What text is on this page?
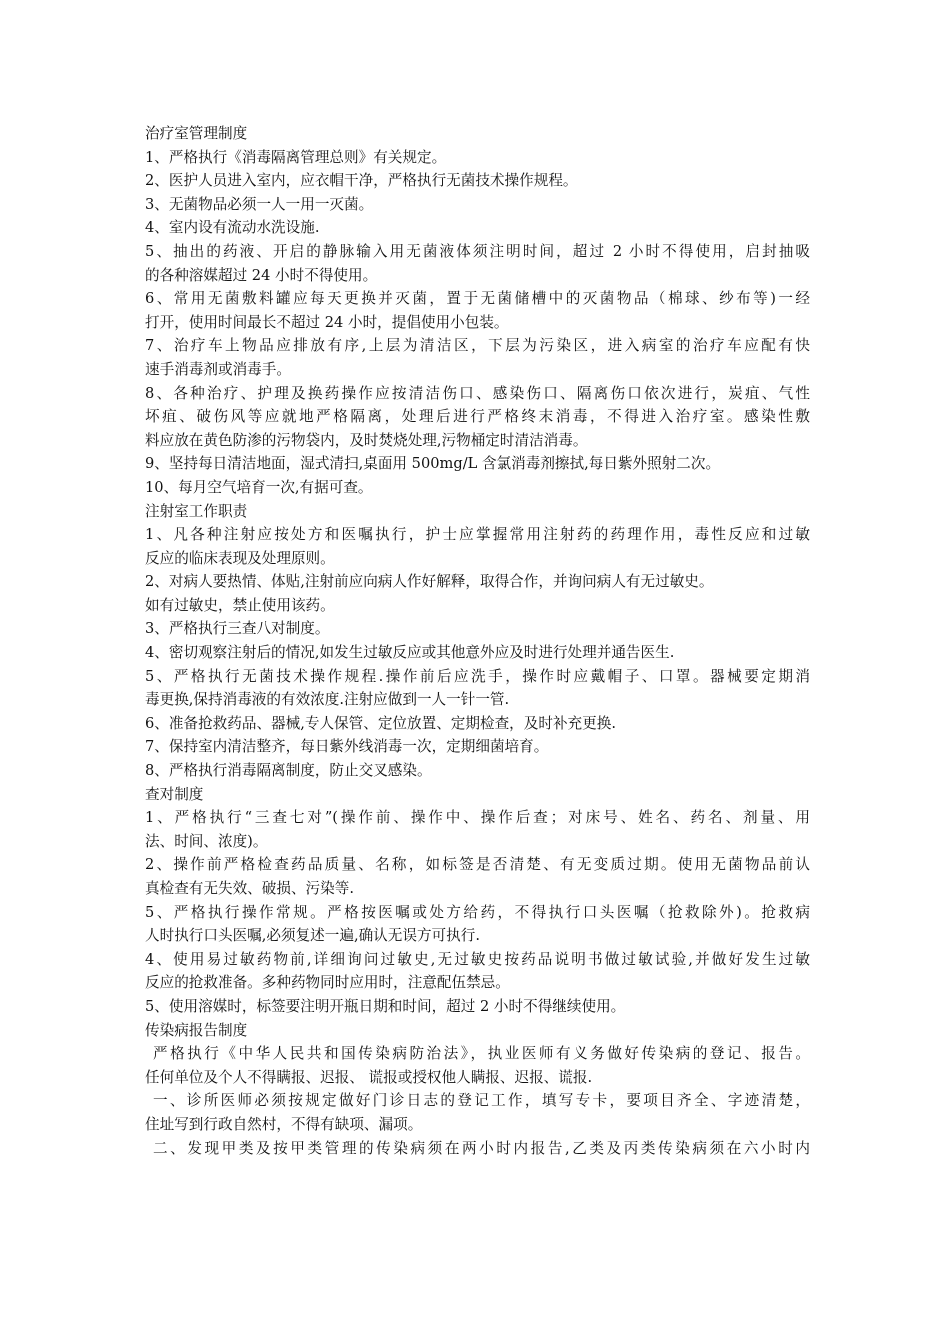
治疗室管理制度
1、严格执行《消毒隔离管理总则》有关规定。
2、医护人员进入室内，应衣帽干净，严格执行无菌技术操作规程。
3、无菌物品必须一人一用一灭菌。
4、室内设有流动水洗设施.
5、抽出的药液、开启的静脉输入用无菌液体须注明时间，超过 2 小时不得使用，启封抽吸
的各种溶媒超过 24 小时不得使用。
6、常用无菌敷料罐应每天更换并灭菌，置于无菌储槽中的灭菌物品（棉球、纱布等)一经
打开，使用时间最长不超过 24 小时，提倡使用小包装。
7、治疗车上物品应排放有序,上层为清洁区，下层为污染区，进入病室的治疗车应配有快
速手消毒剂或消毒手。
8、各种治疗、护理及换药操作应按清洁伤口、感染伤口、隔离伤口依次进行，炭疽、气性
坏疽、破伤风等应就地严格隔离，处理后进行严格终末消毒，不得进入治疗室。感染性敷
料应放在黄色防渗的污物袋内，及时焚烧处理,污物桶定时清洁消毒。
9、坚持每日清洁地面，湿式清扫,桌面用 500mg/L 含氯消毒剂擦拭,每日紫外照射二次。
10、每月空气培育一次,有据可查。
注射室工作职责
1、凡各种注射应按处方和医嘱执行，护士应掌握常用注射药的药理作用，毒性反应和过敏
反应的临床表现及处理原则。
2、对病人要热情、体贴,注射前应向病人作好解释，取得合作，并询问病人有无过敏史。
如有过敏史，禁止使用该药。
3、严格执行三查八对制度。
4、密切观察注射后的情况,如发生过敏反应或其他意外应及时进行处理并通告医生.
5、严格执行无菌技术操作规程.操作前后应洗手，操作时应戴帽子、口罩。器械要定期消
毒更换,保持消毒液的有效浓度.注射应做到一人一针一管.
6、准备抢救药品、器械,专人保管、定位放置、定期检查，及时补充更换.
7、保持室内清洁整齐，每日紫外线消毒一次，定期细菌培育。
8、严格执行消毒隔离制度，防止交叉感染。
查对制度
1、严格执行“三查七对”(操作前、操作中、操作后查；对床号、姓名、药名、剂量、用
法、时间、浓度)。
2、操作前严格检查药品质量、名称，如标签是否清楚、有无变质过期。使用无菌物品前认
真检查有无失效、破损、污染等.
5、严格执行操作常规。严格按医嘱或处方给药，不得执行口头医嘱（抢救除外)。抢救病
人时执行口头医嘱,必须复述一遍,确认无误方可执行.
4、使用易过敏药物前,详细询问过敏史,无过敏史按药品说明书做过敏试验,并做好发生过敏
反应的抢救准备。多种药物同时应用时，注意配伍禁忌。
5、使用溶媒时，标签要注明开瓶日期和时间，超过 2 小时不得继续使用。
传染病报告制度
严格执行《中华人民共和国传染病防治法》，执业医师有义务做好传染病的登记、报告。
任何单位及个人不得瞒报、迟报、 谎报或授权他人瞒报、迟报、谎报.
一、诊所医师必须按规定做好门诊日志的登记工作，填写专卡，要项目齐全、字迹清楚，
住址写到行政自然村，不得有缺项、漏项。
二、发现甲类及按甲类管理的传染病须在两小时内报告,乙类及丙类传染病须在六小时内
